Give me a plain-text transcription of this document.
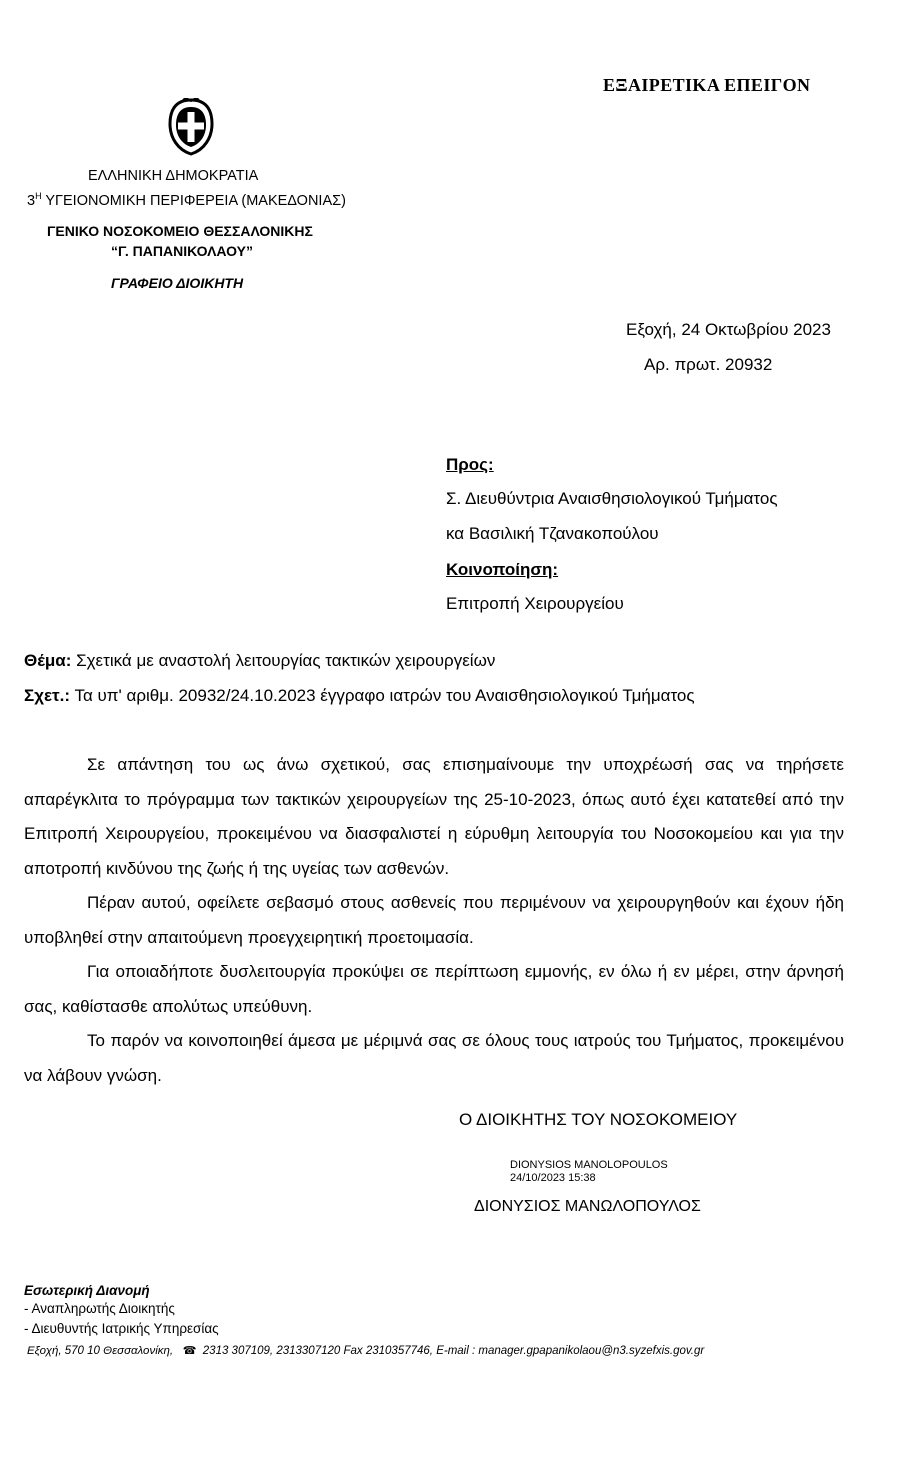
ΕΞΑΙΡΕΤΙΚΑ ΕΠΕΙΓΟΝ
ΕΛΛΗΝΙΚΗ ΔΗΜΟΚΡΑΤΙΑ
$3^H$ ΥΓΕΙΟΝΟΜΙΚΗ ΠΕΡΙΦΕΡΕΙΑ (ΜΑΚΕΔΟΝΙΑΣ)
ΓΕΝΙΚΟ ΝΟΣΟΚΟΜΕΙΟ ΘΕΣΣΑΛΟΝΙΚΗΣ
“Γ. ΠΑΠΑΝΙΚΟΛΑΟΥ”
ΓΡΑΦΕΙΟ ΔΙΟΙΚΗΤΗ
Εξοχή, 24 Οκτωβρίου 2023
Αρ. πρωτ. 20932
Προς:
Σ. Διευθύντρια Αναισθησιολογικού Τμήματος
κα Βασιλική Τζανακοπούλου
Κοινοποίηση:
Επιτροπή Χειρουργείου
Θέμα: Σχετικά με αναστολή λειτουργίας τακτικών χειρουργείων
Σχετ.: Τα υπ' αριθμ. 20932/24.10.2023 έγγραφο ιατρών του Αναισθησιολογικού Τμήματος

Σε απάντηση του ως άνω σχετικού, σας επισημαίνουμε την υποχρέωσή σας να τηρήσετε απαρέγκλιτα το πρόγραμμα των τακτικών χειρουργείων της 25-10-2023, όπως αυτό έχει κατατεθεί από την Επιτροπή Χειρουργείου, προκειμένου να διασφαλιστεί η εύρυθμη λειτουργία του Νοσοκομείου και για την αποτροπή κινδύνου της ζωής ή της υγείας των ασθενών.

Πέραν αυτού, οφείλετε σεβασμό στους ασθενείς που περιμένουν να χειρουργηθούν και έχουν ήδη υποβληθεί στην απαιτούμενη προεγχειρητική προετοιμασία.

Για οποιαδήποτε δυσλειτουργία προκύψει σε περίπτωση εμμονής, εν όλω ή εν μέρει, στην άρνησή σας, καθίστασθε απολύτως υπεύθυνη.

Το παρόν να κοινοποιηθεί άμεσα με μέριμνά σας σε όλους τους ιατρούς του Τμήματος, προκειμένου να λάβουν γνώση.

Ο ΔΙΟΙΚΗΤΗΣ ΤΟΥ ΝΟΣΟΚΟΜΕΙΟΥ
DIONYSIOS MANOLOPOULOS
24/10/2023 15:38
ΔΙΟΝΥΣΙΟΣ ΜΑΝΩΛΟΠΟΥΛΟΣ
Εσωτερική Διανομή
- Αναπληρωτής Διοικητής
- Διευθυντής Ιατρικής Υπηρεσίας
Εξοχή, 570 10 Θεσσαλονίκη, ☎ 2313 307109, 2313307120 Fax 2310357746, E-mail : manager.gpapanikolaou@n3.syzefxis.gov.gr
